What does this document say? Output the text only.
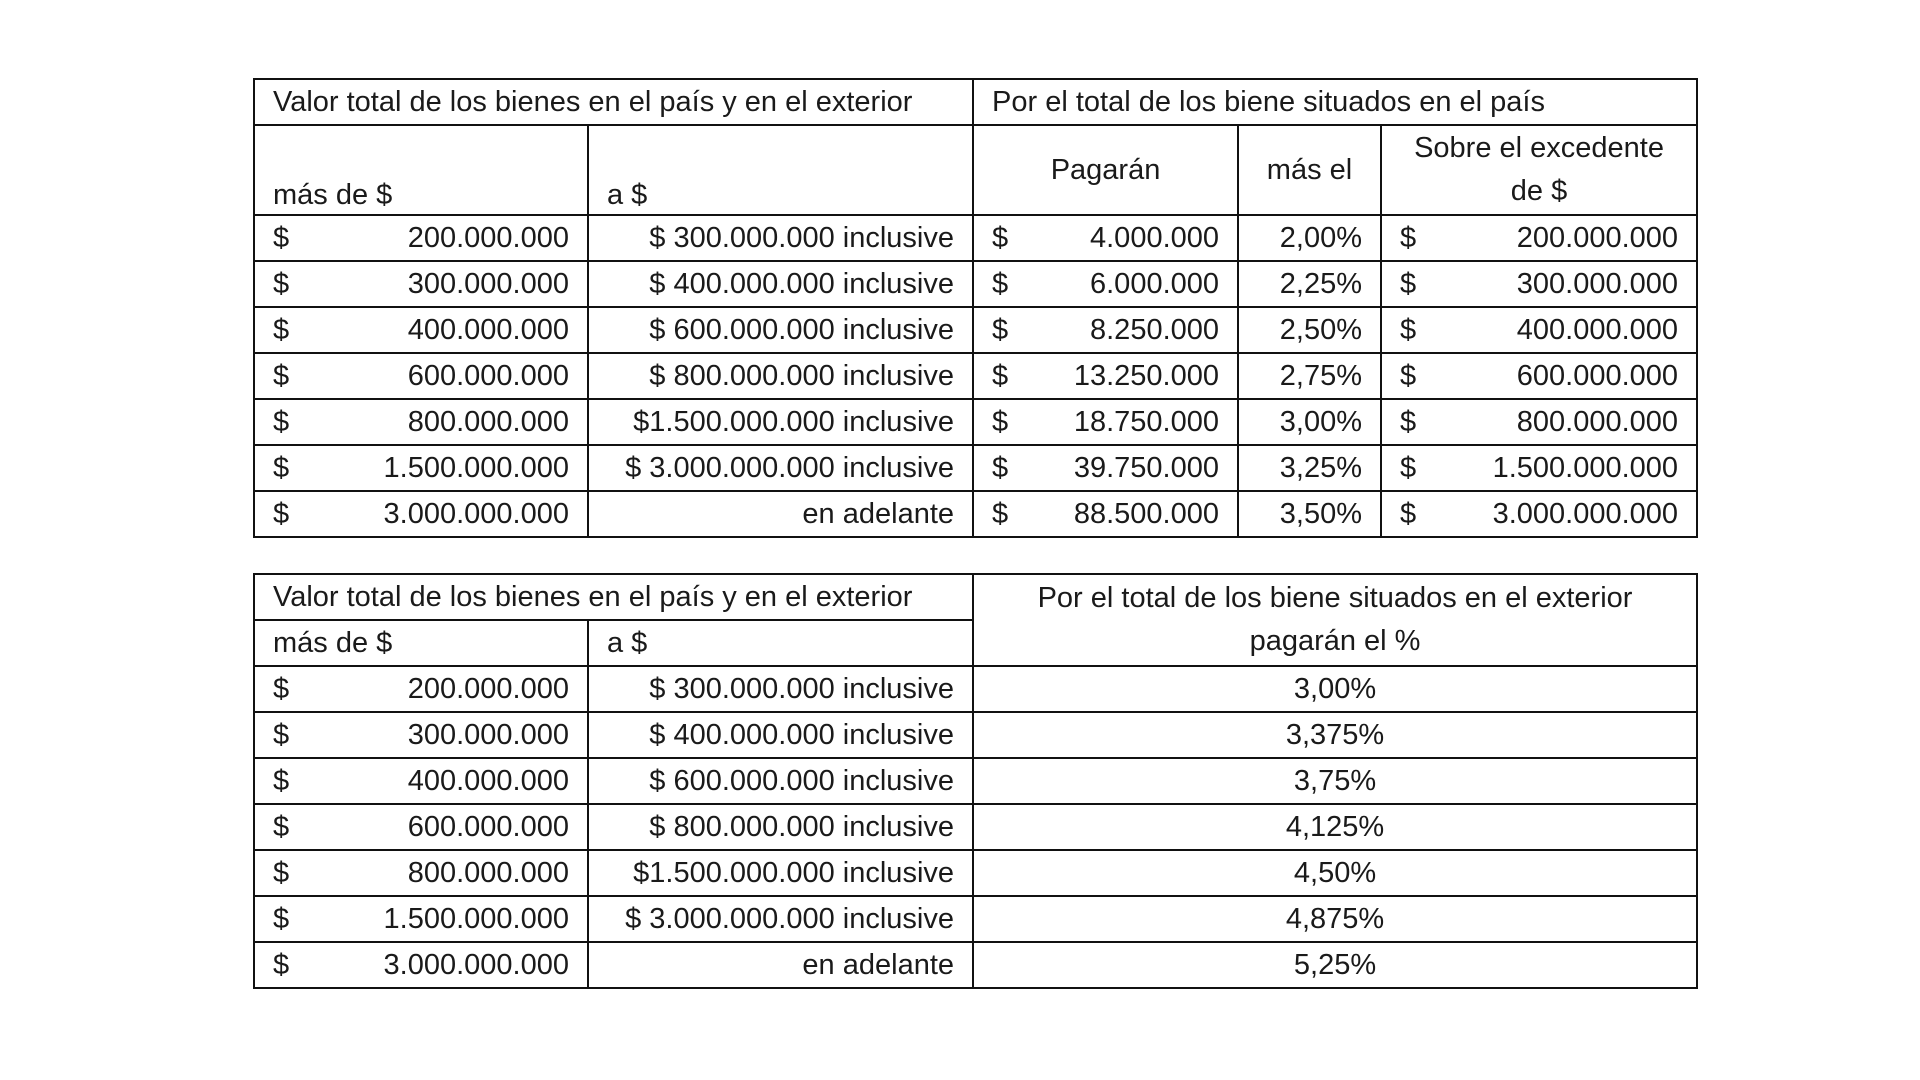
Valor total de los bienes en el país y en el exterior		Por el total de los biene situados en el país		
más de $	a $	Pagarán	más el	Sobre el excedente
de $

$ 200.000.000	$ 300.000.000 inclusive	$ 4.000.000	2,00%	$ 200.000.000

$ 300.000.000	$ 400.000.000 inclusive	$ 6.000.000	2,25%	$ 300.000.000

$ 400.000.000	$ 600.000.000 inclusive	$ 8.250.000	2,50%	$ 400.000.000

$ 600.000.000	$ 800.000.000 inclusive	$ 13.250.000	2,75%	$ 600.000.000

$ 800.000.000	$1.500.000.000 inclusive	$ 18.750.000	3,00%	$ 800.000.000

$ 1.500.000.000	$ 3.000.000.000 inclusive	$ 39.750.000	3,25%	$ 1.500.000.000

$ 3.000.000.000	en adelante	$ 88.500.000	3,50%	$ 3.000.000.000
Valor total de los bienes en el país y en el exterior		Por el total de los biene situados en el exterior
pagarán el %
más de $	a $	

$ 200.000.000	$ 300.000.000 inclusive	3,00%

$ 300.000.000	$ 400.000.000 inclusive	3,375%

$ 400.000.000	$ 600.000.000 inclusive	3,75%

$ 600.000.000	$ 800.000.000 inclusive	4,125%

$ 800.000.000	$1.500.000.000 inclusive	4,50%

$ 1.500.000.000	$ 3.000.000.000 inclusive	4,875%

$ 3.000.000.000	en adelante	5,25%
